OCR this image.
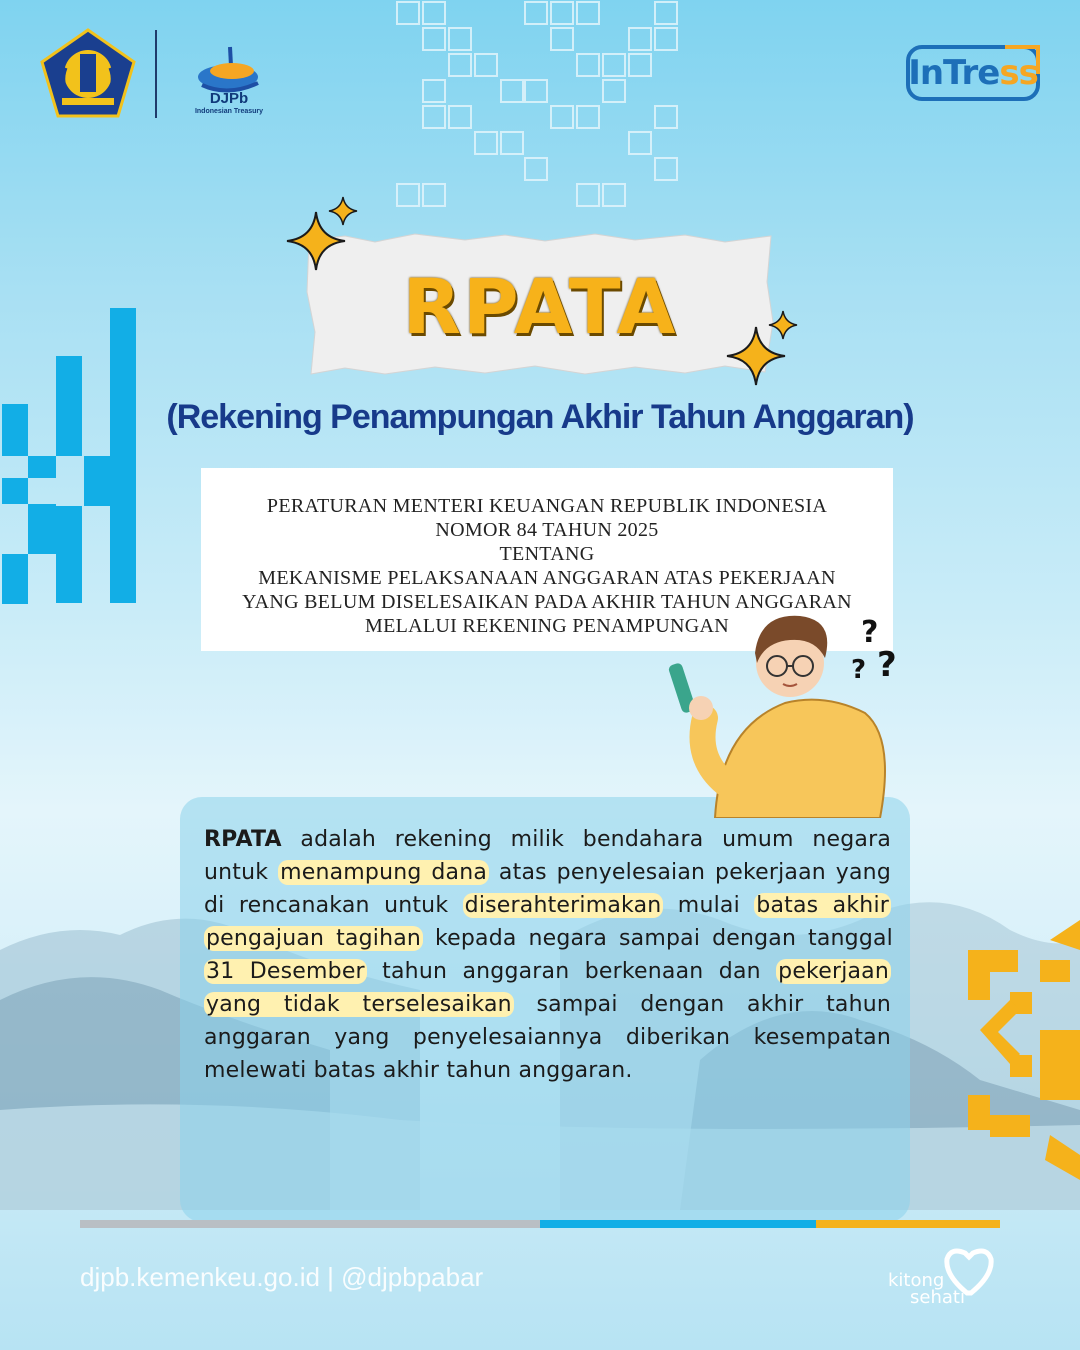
DJPb
Indonesian Treasury
InTre ss
RPATA
(Rekening Penampungan Akhir Tahun Anggaran)
PERATURAN MENTERI KEUANGAN REPUBLIK INDONESIA
NOMOR 84 TAHUN 2025
TENTANG
MEKANISME PELAKSANAAN ANGGARAN ATAS PEKERJAAN
YANG BELUM DISELESAIKAN PADA AKHIR TAHUN ANGGARAN
MELALUI REKENING PENAMPUNGAN	?
? ?
RPATA adalah rekening milik bendahara umum negara untuk menampung dana atas penyelesaian pekerjaan yang di rencanakan untuk diserahterimakan mulai batas akhir pengajuan tagihan kepada negara sampai dengan tanggal 31 Desember tahun anggaran berkenaan dan pekerjaan yang tidak terselesaikan sampai dengan akhir tahun anggaran yang penyelesaiannya diberikan kesempatan melewati batas akhir tahun anggaran.
djpb.kemenkeu.go.id | @djpbpabar	kitong
sehati
